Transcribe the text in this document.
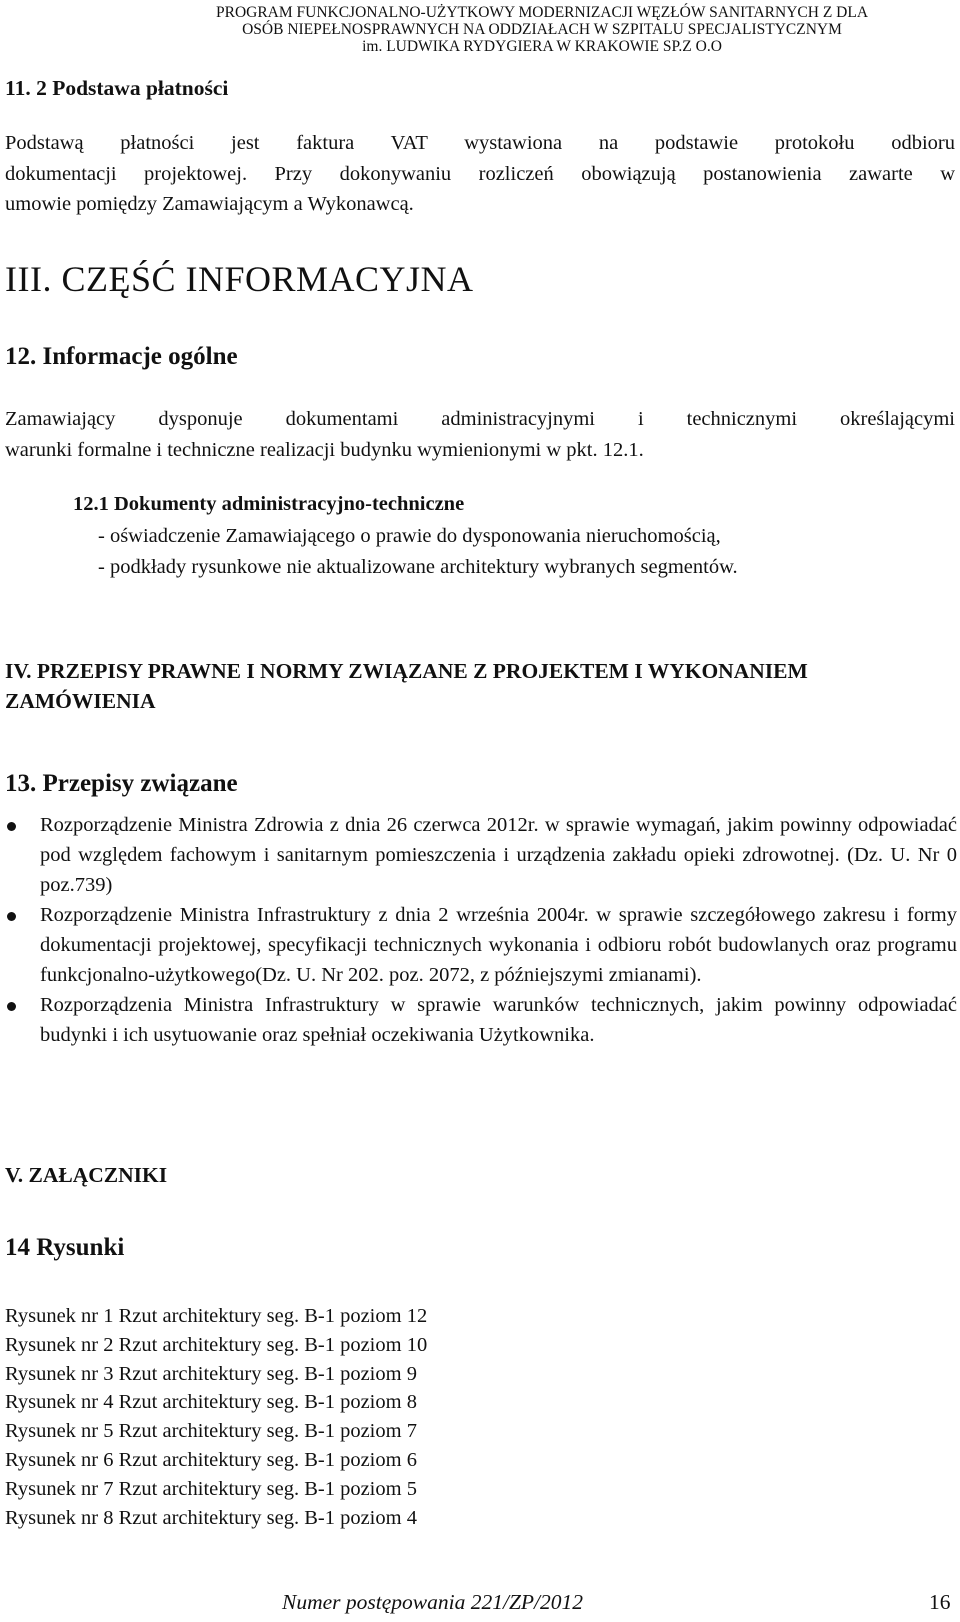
PROGRAM FUNKCJONALNO-UŻYTKOWY MODERNIZACJI WĘZŁÓW SANITARNYCH Z DLA
OSÓB NIEPEŁNOSPRAWNYCH NA ODDZIAŁACH W SZPITALU SPECJALISTYCZNYM
im. LUDWIKA RYDYGIERA W KRAKOWIE SP.Z O.O
11. 2 Podstawa płatności
Podstawą płatności jest faktura VAT wystawiona na podstawie protokołu odbioru
dokumentacji projektowej. Przy dokonywaniu rozliczeń obowiązują postanowienia zawarte w
umowie pomiędzy Zamawiającym a Wykonawcą.
III. CZĘŚĆ INFORMACYJNA
12. Informacje ogólne
Zamawiający dysponuje dokumentami administracyjnymi i technicznymi określającymi
warunki formalne i techniczne realizacji budynku wymienionymi w pkt. 12.1.
12.1 Dokumenty administracyjno-techniczne
- oświadczenie Zamawiającego o prawie do dysponowania nieruchomością,
- podkłady rysunkowe nie aktualizowane architektury wybranych segmentów.
IV. PRZEPISY PRAWNE I NORMY ZWIĄZANE Z PROJEKTEM I WYKONANIEM
ZAMÓWIENIA
13. Przepisy związane
Rozporządzenie Ministra Zdrowia z dnia 26 czerwca 2012r. w sprawie wymagań, jakim powinny odpowiadać pod względem fachowym i sanitarnym pomieszczenia i urządzenia zakładu opieki zdrowotnej. (Dz. U. Nr 0 poz.739)
Rozporządzenie Ministra Infrastruktury z dnia 2 września 2004r. w sprawie szczegółowego zakresu i formy dokumentacji projektowej, specyfikacji technicznych wykonania i odbioru robót budowlanych oraz programu funkcjonalno-użytkowego(Dz. U. Nr 202. poz. 2072, z późniejszymi zmianami).
Rozporządzenia Ministra Infrastruktury w sprawie warunków technicznych, jakim powinny odpowiadać budynki i ich usytuowanie oraz spełniał oczekiwania Użytkownika.
V. ZAŁĄCZNIKI
14 Rysunki
Rysunek nr 1 Rzut architektury seg. B-1 poziom 12
Rysunek nr 2 Rzut architektury seg. B-1 poziom 10
Rysunek nr 3 Rzut architektury seg. B-1 poziom 9
Rysunek nr 4 Rzut architektury seg. B-1 poziom 8
Rysunek nr 5 Rzut architektury seg. B-1 poziom 7
Rysunek nr 6 Rzut architektury seg. B-1 poziom 6
Rysunek nr 7 Rzut architektury seg. B-1 poziom 5
Rysunek nr 8 Rzut architektury seg. B-1 poziom 4
Numer postępowania 221/ZP/2012	16
